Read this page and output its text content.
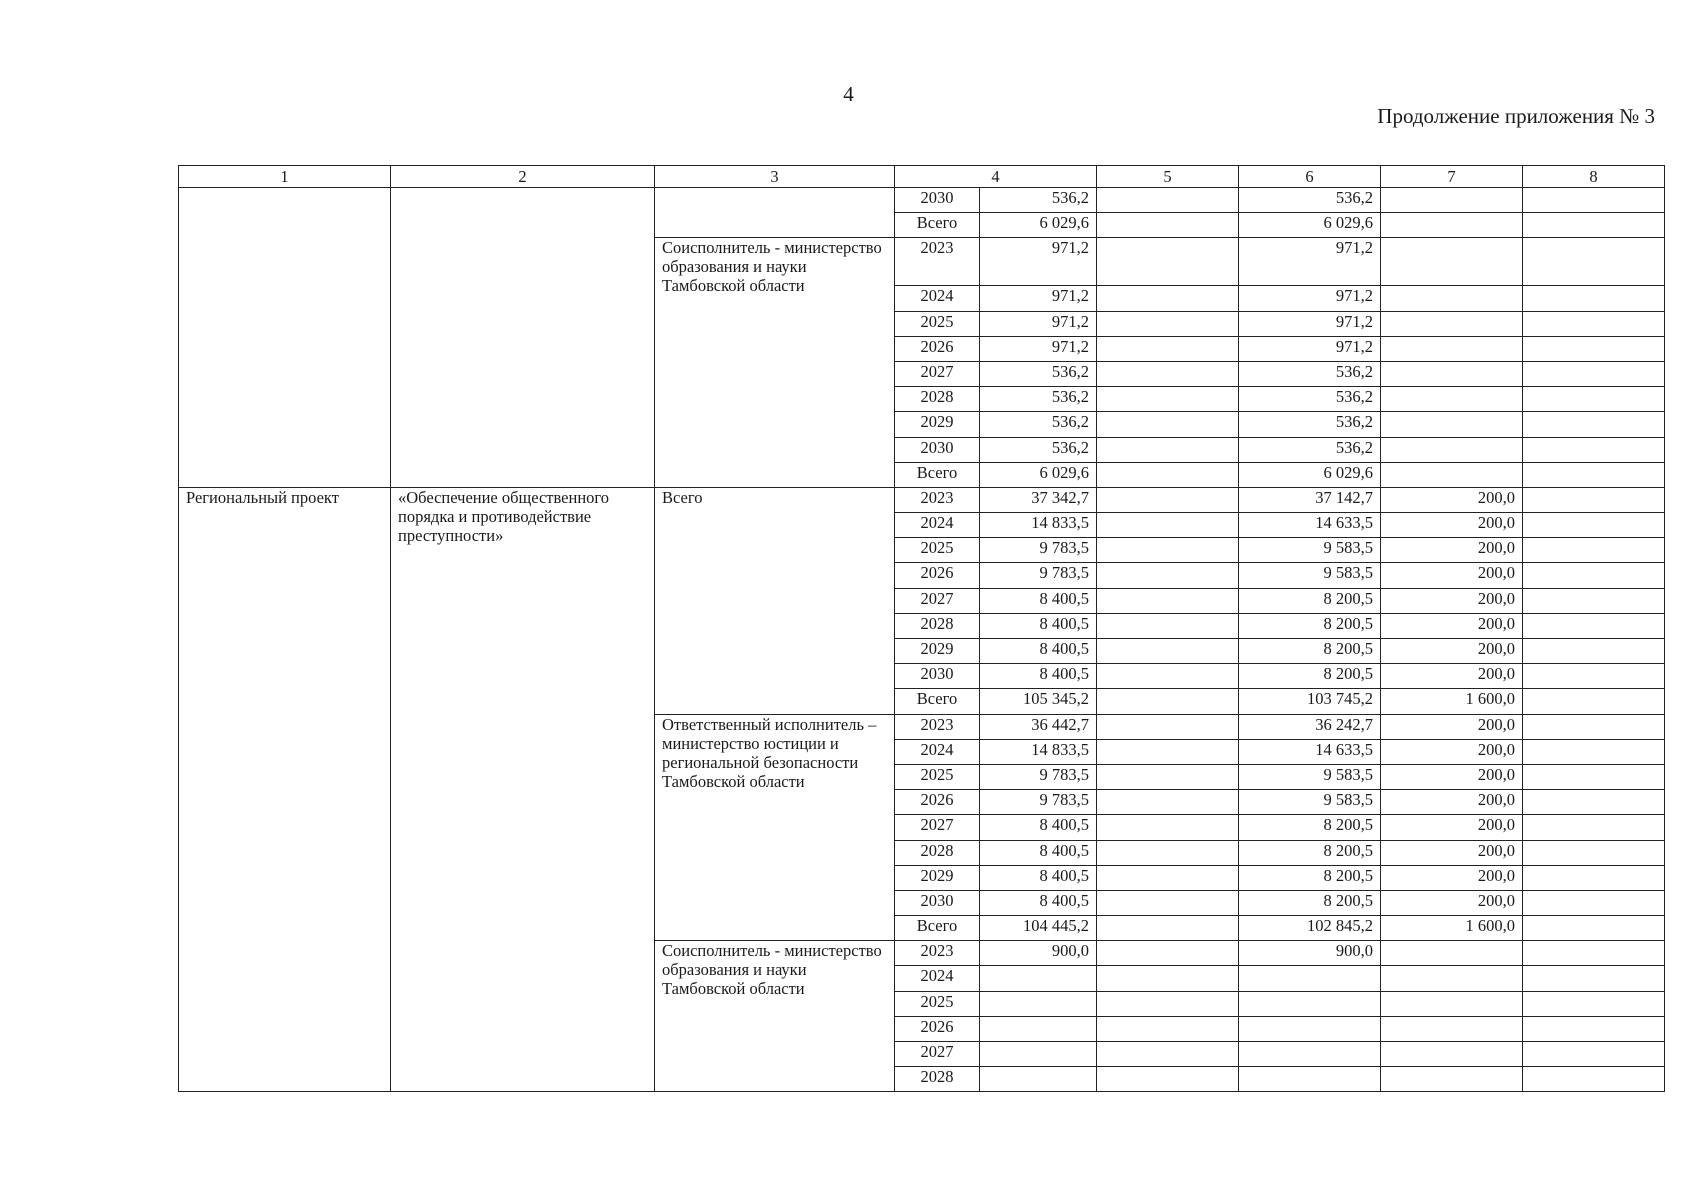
4
Продолжение приложения № 3
1	2	3	4		5	6	7	8
			2030	536,2		536,2		
			Всего	6 029,6		6 029,6		
		Соисполнитель - министерство образования и науки Тамбовской области	2023	971,2		971,2		
			2024	971,2		971,2		
			2025	971,2		971,2		
			2026	971,2		971,2		
			2027	536,2		536,2		
			2028	536,2		536,2		
			2029	536,2		536,2		
			2030	536,2		536,2		
			Всего	6 029,6		6 029,6		
Региональный проект	«Обеспечение общественного порядка и противодействие преступности»	Всего	2023	37 342,7		37 142,7	200,0	
			2024	14 833,5		14 633,5	200,0	
			2025	9 783,5		9 583,5	200,0	
			2026	9 783,5		9 583,5	200,0	
			2027	8 400,5		8 200,5	200,0	
			2028	8 400,5		8 200,5	200,0	
			2029	8 400,5		8 200,5	200,0	
			2030	8 400,5		8 200,5	200,0	
			Всего	105 345,2		103 745,2	1 600,0	
		Ответственный исполнитель – министерство юстиции и региональной безопасности Тамбовской области	2023	36 442,7		36 242,7	200,0	
			2024	14 833,5		14 633,5	200,0	
			2025	9 783,5		9 583,5	200,0	
			2026	9 783,5		9 583,5	200,0	
			2027	8 400,5		8 200,5	200,0	
			2028	8 400,5		8 200,5	200,0	
			2029	8 400,5		8 200,5	200,0	
			2030	8 400,5		8 200,5	200,0	
			Всего	104 445,2		102 845,2	1 600,0	
		Соисполнитель - министерство образования и науки Тамбовской области	2023	900,0		900,0		
			2024					
			2025					
			2026					
			2027					
			2028					
